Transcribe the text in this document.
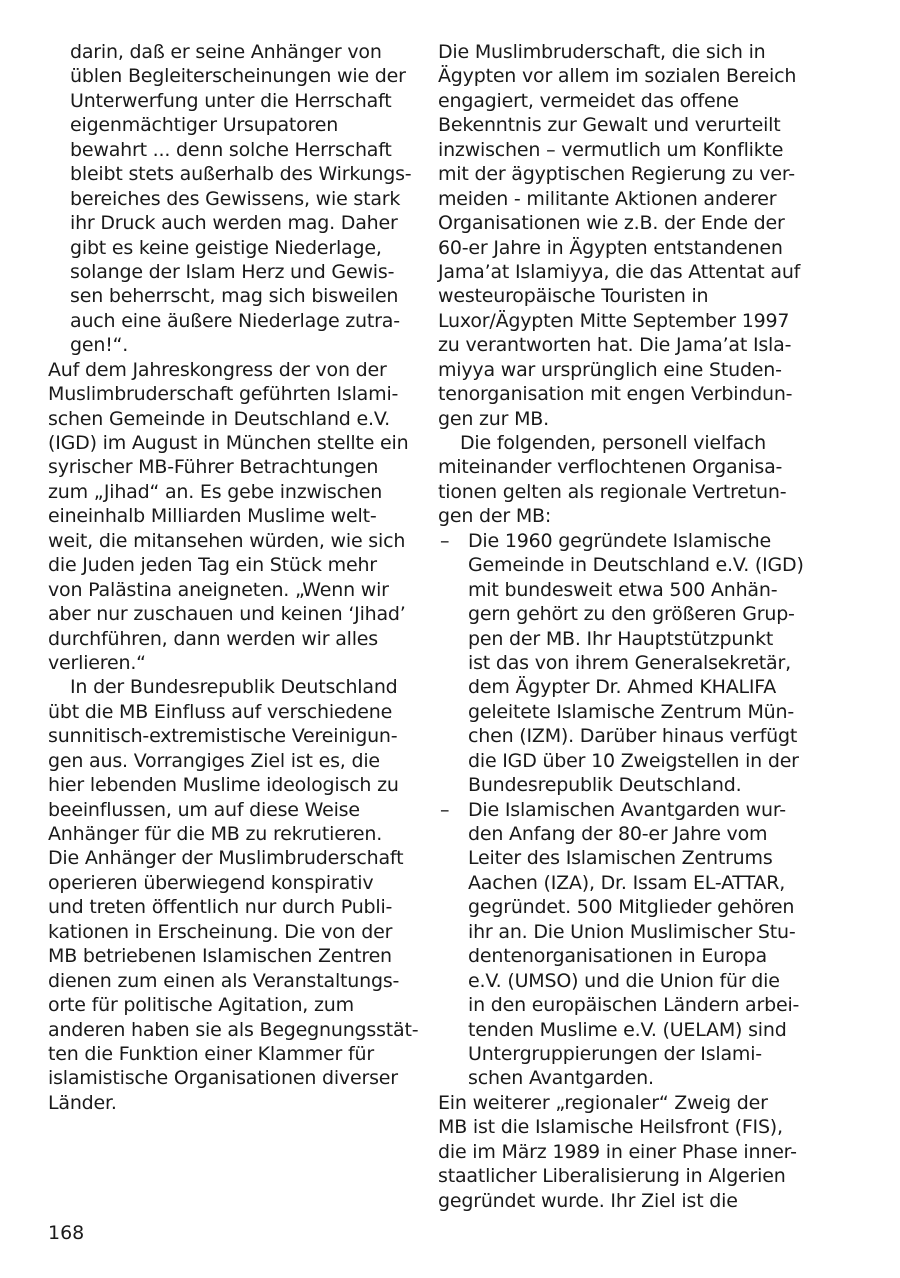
darin, daß er seine Anhänger von
üblen Begleiterscheinungen wie der
Unterwerfung unter die Herrschaft
eigenmächtiger Ursupatoren
bewahrt ... denn solche Herrschaft
bleibt stets außerhalb des Wirkungs-
bereiches des Gewissens, wie stark
ihr Druck auch werden mag. Daher
gibt es keine geistige Niederlage,
solange der Islam Herz und Gewis-
sen beherrscht, mag sich bisweilen
auch eine äußere Niederlage zutra-
gen!“.
Auf dem Jahreskongress der von der
Muslimbruderschaft geführten Islami-
schen Gemeinde in Deutschland e.V.
(IGD) im August in München stellte ein
syrischer MB-Führer Betrachtungen
zum „Jihad“ an. Es gebe inzwischen
eineinhalb Milliarden Muslime welt-
weit, die mitansehen würden, wie sich
die Juden jeden Tag ein Stück mehr
von Palästina aneigneten. „Wenn wir
aber nur zuschauen und keinen ‘Jihad’
durchführen, dann werden wir alles
verlieren.“
In der Bundesrepublik Deutschland
übt die MB Einfluss auf verschiedene
sunnitisch-extremistische Vereinigun-
gen aus. Vorrangiges Ziel ist es, die
hier lebenden Muslime ideologisch zu
beeinflussen, um auf diese Weise
Anhänger für die MB zu rekrutieren.
Die Anhänger der Muslimbruderschaft
operieren überwiegend konspirativ
und treten öffentlich nur durch Publi-
kationen in Erscheinung. Die von der
MB betriebenen Islamischen Zentren
dienen zum einen als Veranstaltungs-
orte für politische Agitation, zum
anderen haben sie als Begegnungsstät-
ten die Funktion einer Klammer für
islamistische Organisationen diverser
Länder.
Die Muslimbruderschaft, die sich in
Ägypten vor allem im sozialen Bereich
engagiert, vermeidet das offene
Bekenntnis zur Gewalt und verurteilt
inzwischen – vermutlich um Konflikte
mit der ägyptischen Regierung zu ver-
meiden - militante Aktionen anderer
Organisationen wie z.B. der Ende der
60-er Jahre in Ägypten entstandenen
Jama’at Islamiyya, die das Attentat auf
westeuropäische Touristen in
Luxor/Ägypten Mitte September 1997
zu verantworten hat. Die Jama’at Isla-
miyya war ursprünglich eine Studen-
tenorganisation mit engen Verbindun-
gen zur MB.
Die folgenden, personell vielfach
miteinander verflochtenen Organisa-
tionen gelten als regionale Vertretun-
gen der MB:
– Die 1960 gegründete Islamische
Gemeinde in Deutschland e.V. (IGD)
mit bundesweit etwa 500 Anhän-
gern gehört zu den größeren Grup-
pen der MB. Ihr Hauptstützpunkt
ist das von ihrem Generalsekretär,
dem Ägypter Dr. Ahmed KHALIFA
geleitete Islamische Zentrum Mün-
chen (IZM). Darüber hinaus verfügt
die IGD über 10 Zweigstellen in der
Bundesrepublik Deutschland.
– Die Islamischen Avantgarden wur-
den Anfang der 80-er Jahre vom
Leiter des Islamischen Zentrums
Aachen (IZA), Dr. Issam EL-ATTAR,
gegründet. 500 Mitglieder gehören
ihr an. Die Union Muslimischer Stu-
dentenorganisationen in Europa
e.V. (UMSO) und die Union für die
in den europäischen Ländern arbei-
tenden Muslime e.V. (UELAM) sind
Untergruppierungen der Islami-
schen Avantgarden.
Ein weiterer „regionaler“ Zweig der
MB ist die Islamische Heilsfront (FIS),
die im März 1989 in einer Phase inner-
staatlicher Liberalisierung in Algerien
gegründet wurde. Ihr Ziel ist die
168
